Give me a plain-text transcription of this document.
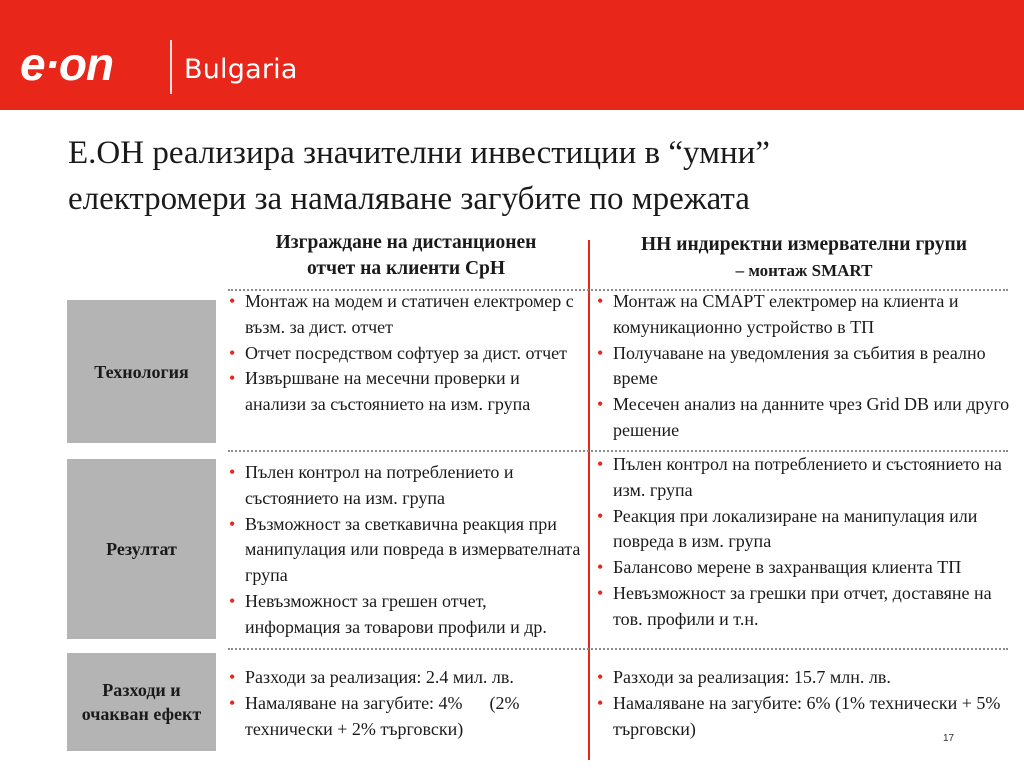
e·on	Bulgaria
Е.ОН реализира значителни инвестиции в “умни”
електромери за намаляване загубите по мрежата
Изграждане на дистанционен
отчет на клиенти СрН
НН индиректни измервателни групи
– монтаж SMART
Технология
Резултат
Разходи и
очакван ефект
• Монтаж на модем и статичен електромер с възм. за дист. отчет
• Отчет посредством софтуер за дист. отчет
• Извършване на месечни проверки и анализи за състоянието на изм. група
• Монтаж на СМАРТ електромер на клиента и комуникационно устройство в ТП
• Получаване на уведомления за събития в реално време
• Месечен анализ на данните чрез Grid DB или друго решение
• Пълен контрол на потреблението и състоянието на изм. група
• Възможност за светкавична реакция при манипулация или повреда в измервателната група
• Невъзможност за грешен отчет, информация за товарови профили и др.
• Пълен контрол на потреблението и състоянието на изм. група
• Реакция при локализиране на манипулация или повреда в изм. група
• Балансово мерене в захранващия клиента ТП
• Невъзможност за грешки при отчет, доставяне на тов. профили и т.н.
• Разходи за реализация: 2.4 мил. лв.
• Намаляване на загубите: 4%      (2% технически + 2% търговски)
• Разходи за реализация: 15.7 млн. лв.
• Намаляване на загубите: 6% (1% технически + 5% търговски)	17
